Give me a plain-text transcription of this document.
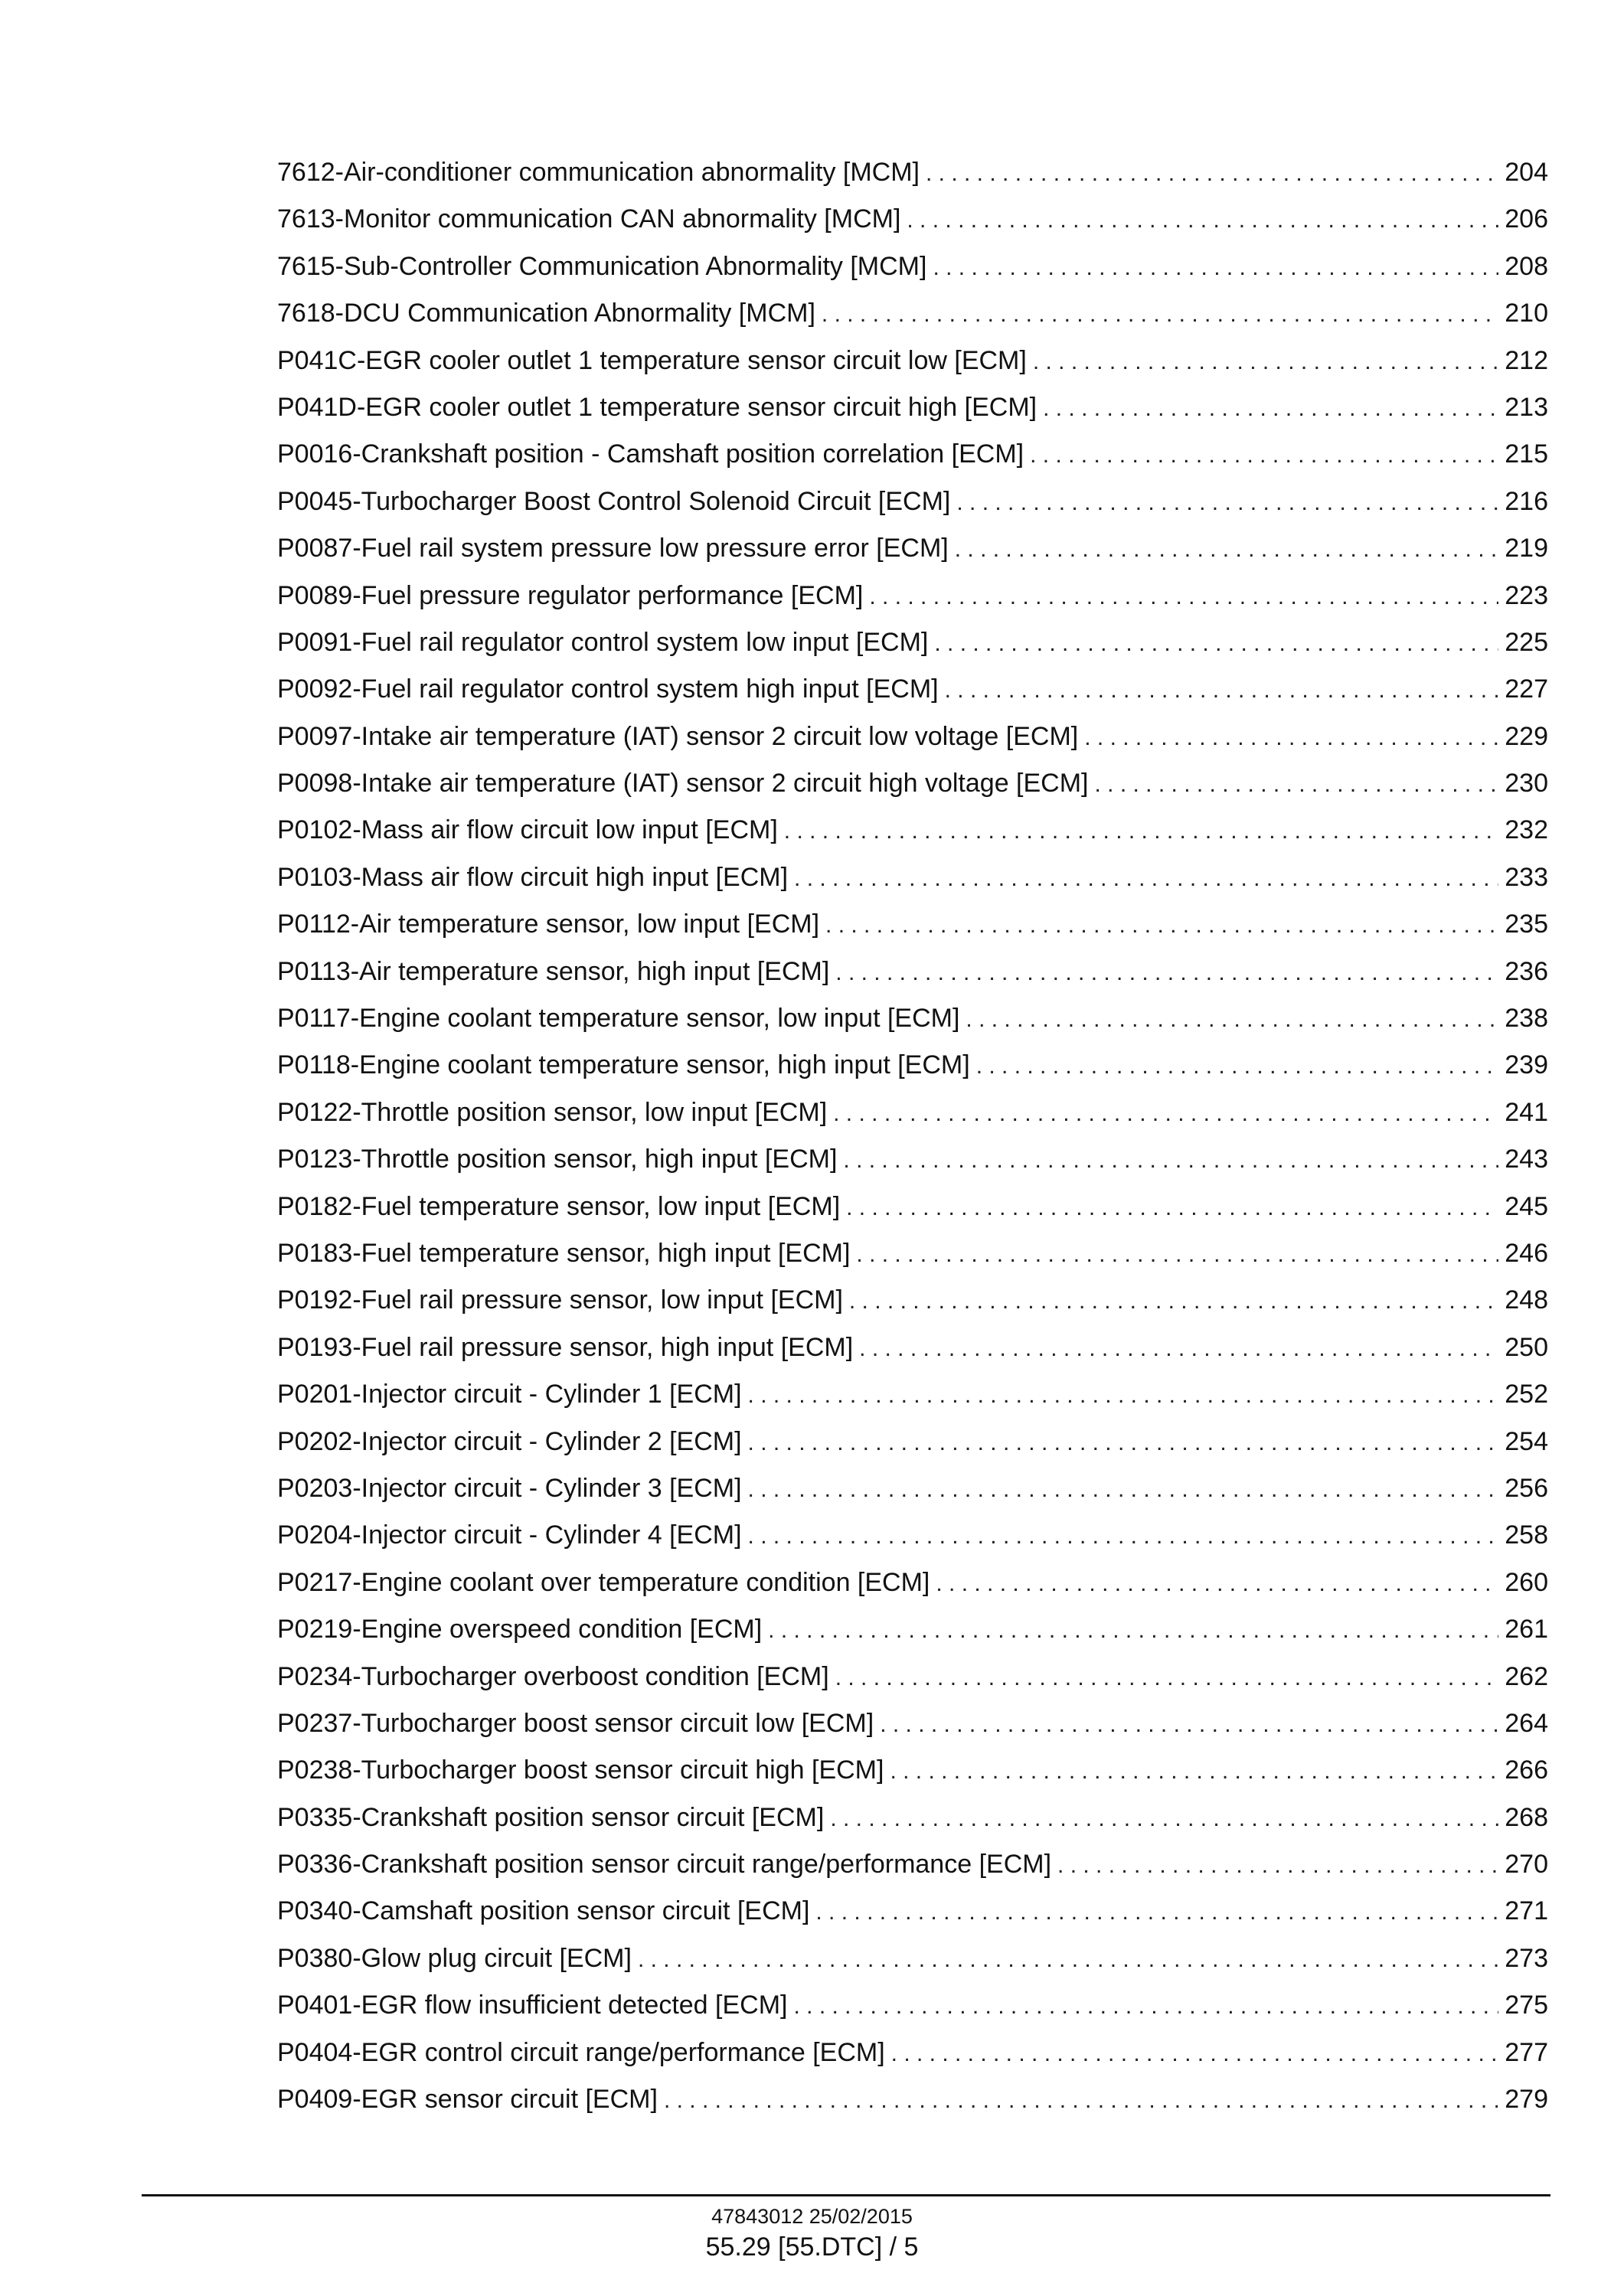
7612-Air-conditioner communication abnormality [MCM] . . .	204
7613-Monitor communication CAN abnormality [MCM] . . .	206
7615-Sub-Controller Communication Abnormality [MCM] . . .	208
7618-DCU Communication Abnormality [MCM] . . .	210
P041C-EGR cooler outlet 1 temperature sensor circuit low [ECM] . . .	212
P041D-EGR cooler outlet 1 temperature sensor circuit high [ECM] . . .	213
P0016-Crankshaft position - Camshaft position correlation [ECM] . . .	215
P0045-Turbocharger Boost Control Solenoid Circuit [ECM] . . .	216
P0087-Fuel rail system pressure low pressure error [ECM] . . .	219
P0089-Fuel pressure regulator performance [ECM] . . .	223
P0091-Fuel rail regulator control system low input [ECM] . . .	225
P0092-Fuel rail regulator control system high input [ECM] . . .	227
P0097-Intake air temperature (IAT) sensor 2 circuit low voltage [ECM] . . .	229
P0098-Intake air temperature (IAT) sensor 2 circuit high voltage [ECM] . . .	230
P0102-Mass air flow circuit low input [ECM] . . .	232
P0103-Mass air flow circuit high input [ECM] . . .	233
P0112-Air temperature sensor, low input [ECM] . . .	235
P0113-Air temperature sensor, high input [ECM] . . .	236
P0117-Engine coolant temperature sensor, low input [ECM] . . .	238
P0118-Engine coolant temperature sensor, high input [ECM] . . .	239
P0122-Throttle position sensor, low input [ECM] . . .	241
P0123-Throttle position sensor, high input [ECM] . . .	243
P0182-Fuel temperature sensor, low input [ECM] . . .	245
P0183-Fuel temperature sensor, high input [ECM] . . .	246
P0192-Fuel rail pressure sensor, low input [ECM] . . .	248
P0193-Fuel rail pressure sensor, high input [ECM] . . .	250
P0201-Injector circuit - Cylinder 1 [ECM] . . .	252
P0202-Injector circuit - Cylinder 2 [ECM] . . .	254
P0203-Injector circuit - Cylinder 3 [ECM] . . .	256
P0204-Injector circuit - Cylinder 4 [ECM] . . .	258
P0217-Engine coolant over temperature condition [ECM] . . .	260
P0219-Engine overspeed condition [ECM] . . .	261
P0234-Turbocharger overboost condition [ECM] . . .	262
P0237-Turbocharger boost sensor circuit low [ECM] . . .	264
P0238-Turbocharger boost sensor circuit high [ECM] . . .	266
P0335-Crankshaft position sensor circuit [ECM] . . .	268
P0336-Crankshaft position sensor circuit range/performance [ECM] . . .	270
P0340-Camshaft position sensor circuit [ECM] . . .	271
P0380-Glow plug circuit [ECM] . . .	273
P0401-EGR flow insufficient detected [ECM] . . .	275
P0404-EGR control circuit range/performance [ECM] . . .	277
P0409-EGR sensor circuit [ECM] . . .	279
47843012 25/02/2015
55.29 [55.DTC] / 5
